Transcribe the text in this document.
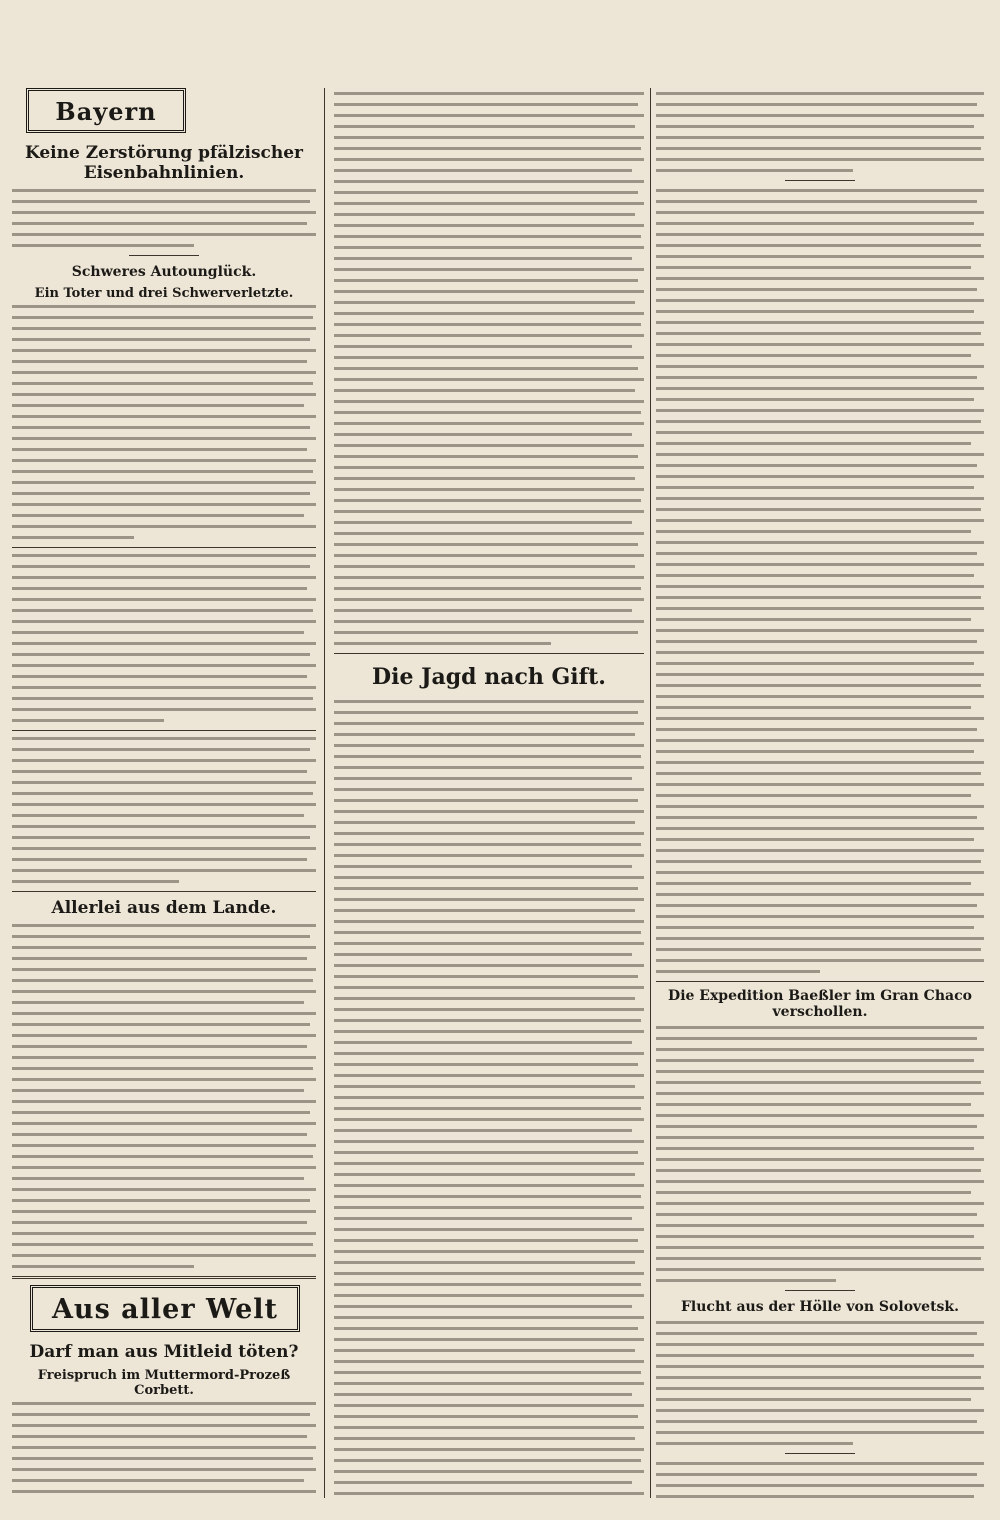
Bayern
Keine Zerstörung pfälzischer Eisenbahnlinien.
Schweres Autounglück.
Ein Toter und drei Schwerverletzte.
Allerlei aus dem Lande.
Aus aller Welt
Darf man aus Mitleid töten?
Freispruch im Muttermord-Prozeß Corbett.
Die Jagd nach Gift.
Die Expedition Baeßler im Gran Chaco verschollen.
Flucht aus der Hölle von Solovetsk.
